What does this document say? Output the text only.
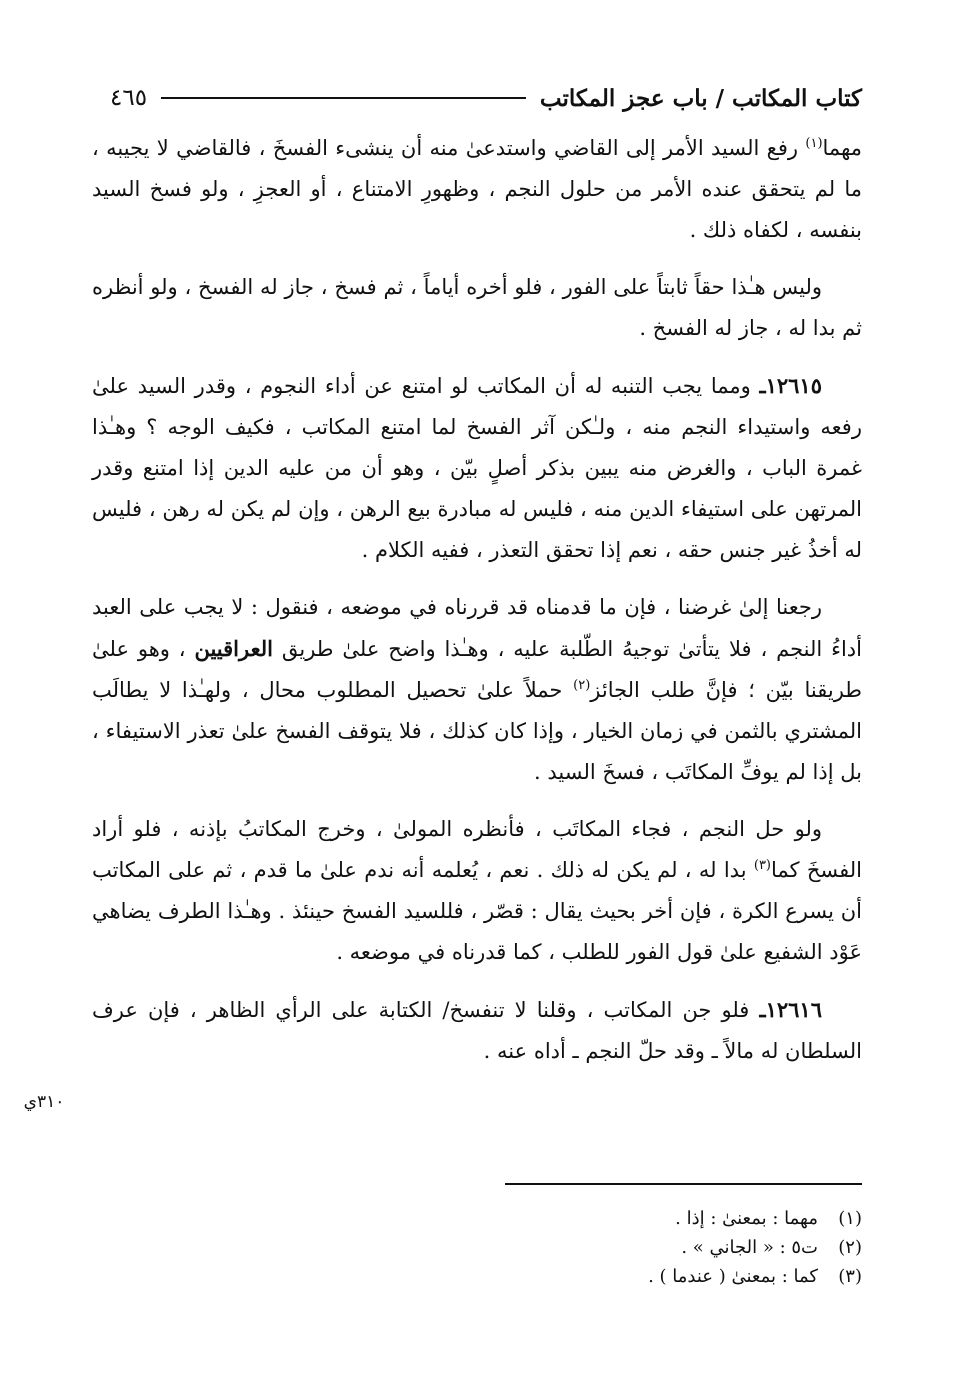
كتاب المكاتب / باب عجز المكاتب
٤٦٥

مهما$^{(١)}$ رفع السيد الأمر إلى القاضي واستدعىٰ منه أن ينشىء الفسخَ ، فالقاضي لا يجيبه ، ما لم يتحقق عنده الأمر من حلول النجم ، وظهورِ الامتناع ، أو العجزِ ، ولو فسخ السيد بنفسه ، لكفاه ذلك .

وليس هـٰذا حقاً ثابتاً على الفور ، فلو أخره أياماً ، ثم فسخ ، جاز له الفسخ ، ولو أنظره ثم بدا له ، جاز له الفسخ .

١٢٦١٥ـ ومما يجب التنبه له أن المكاتب لو امتنع عن أداء النجوم ، وقدر السيد علىٰ رفعه واستيداء النجم منه ، ولـٰكن آثر الفسخ لما امتنع المكاتب ، فكيف الوجه ؟ وهـٰذا غمرة الباب ، والغرض منه يبين بذكر أصلٍ بيّن ، وهو أن من عليه الدين إذا امتنع وقدر المرتهن على استيفاء الدين منه ، فليس له مبادرة بيع الرهن ، وإن لم يكن له رهن ، فليس له أخذُ غير جنس حقه ، نعم إذا تحقق التعذر ، ففيه الكلام .

رجعنا إلىٰ غرضنا ، فإن ما قدمناه قد قررناه في موضعه ، فنقول : لا يجب على العبد أداءُ النجم ، فلا يتأتىٰ توجيهُ الطّلبة عليه ، وهـٰذا واضح علىٰ طريق العراقيين ، وهو علىٰ طريقنا بيّن ؛ فإنَّ طلب الجائز$^{(٢)}$ حملاً علىٰ تحصيل المطلوب محال ، ولهـٰذا لا يطالَب المشتري بالثمن في زمان الخيار ، وإذا كان كذلك ، فلا يتوقف الفسخ علىٰ تعذر الاستيفاء ، بل إذا لم يوفِّ المكاتَب ، فسخَ السيد .

ولو حل النجم ، فجاء المكاتَب ، فأنظره المولىٰ ، وخرج المكاتبُ بإذنه ، فلو أراد الفسخَ كما$^{(٣)}$ بدا له ، لم يكن له ذلك . نعم ، يُعلمه أنه ندم علىٰ ما قدم ، ثم على المكاتب أن يسرع الكرة ، فإن أخر بحيث يقال : قصّر ، فللسيد الفسخ حينئذ . وهـٰذا الطرف يضاهي عَوْد الشفيع علىٰ قول الفور للطلب ، كما قدرناه في موضعه .

١٢٦١٦ـ فلو جن المكاتب ، وقلنا لا تنفسخ/ الكتابة على الرأي الظاهر ، فإن عرف السلطان له مالاً ـ وقد حلّ النجم ـ أداه عنه .

٣١٠ي
(١)
مهما : بمعنىٰ : إذا .
(٢)
ت٥ : « الجاني » .
(٣)
كما : بمعنىٰ ( عندما ) .
